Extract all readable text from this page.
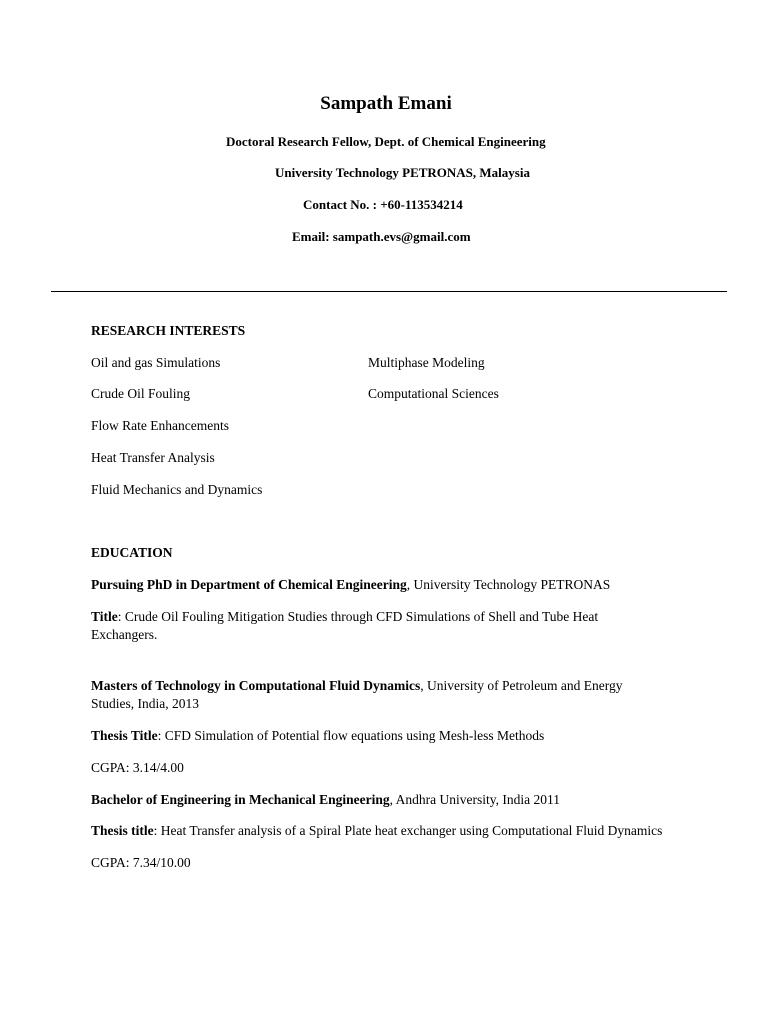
Sampath Emani
Doctoral Research Fellow, Dept. of Chemical Engineering
University Technology PETRONAS, Malaysia
Contact No. : +60-113534214
Email: sampath.evs@gmail.com
RESEARCH INTERESTS
Oil and gas Simulations
Crude Oil Fouling
Flow Rate Enhancements
Heat Transfer Analysis
Fluid Mechanics and Dynamics
Multiphase Modeling
Computational Sciences
EDUCATION
Pursuing PhD in Department of Chemical Engineering, University Technology PETRONAS
Title: Crude Oil Fouling Mitigation Studies through CFD Simulations of Shell and Tube Heat
Exchangers.
Masters of Technology in Computational Fluid Dynamics, University of Petroleum and Energy
Studies, India, 2013
Thesis Title: CFD Simulation of Potential flow equations using Mesh-less Methods
CGPA: 3.14/4.00
Bachelor of Engineering in Mechanical Engineering, Andhra University, India 2011
Thesis title: Heat Transfer analysis of a Spiral Plate heat exchanger using Computational Fluid Dynamics
CGPA: 7.34/10.00
